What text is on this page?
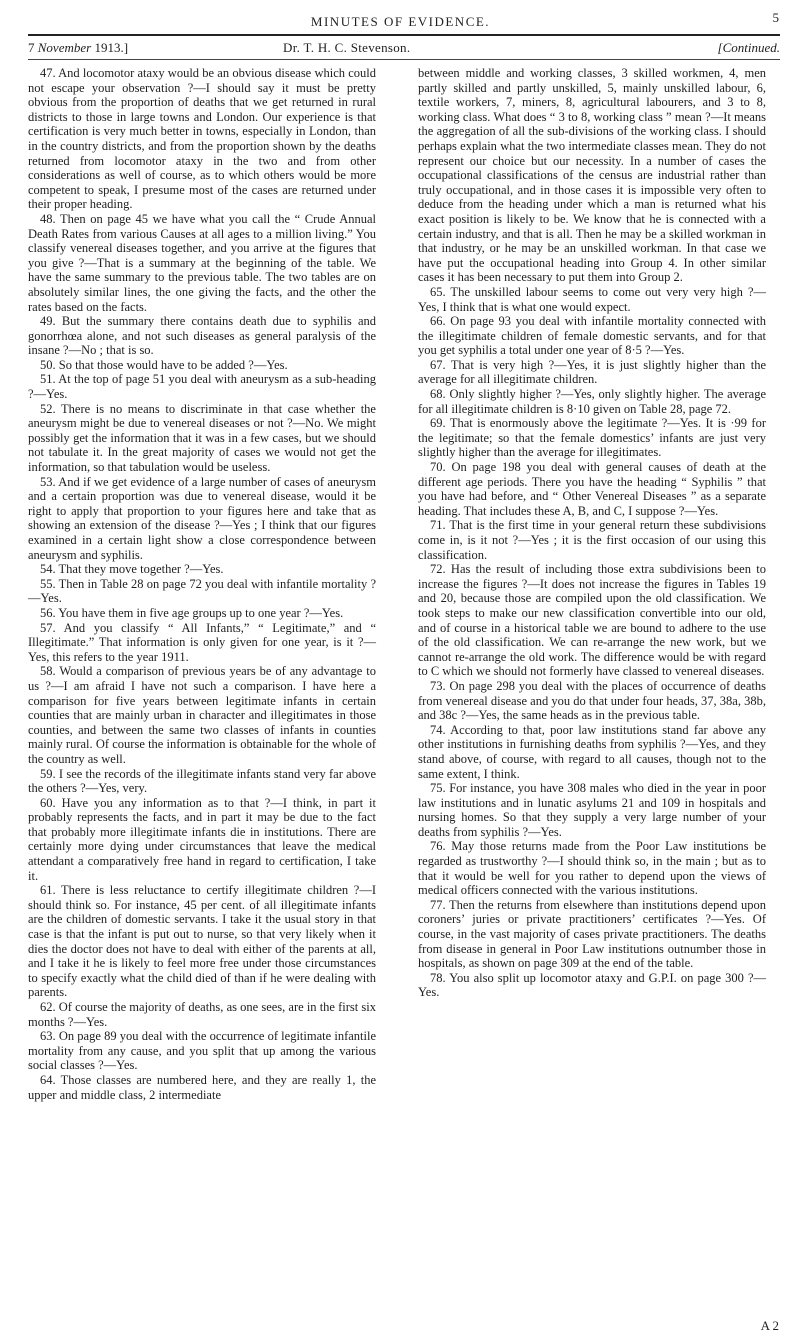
MINUTES OF EVIDENCE.	5
7 November 1913.]	Dr. T. H. C. Stevenson.	[Continued.

47. And locomotor ataxy would be an obvious disease which could not escape your observation ?—I should say it must be pretty obvious from the proportion of deaths that we get returned in rural districts to those in large towns and London. Our experience is that certification is very much better in towns, especially in London, than in the country districts, and from the proportion shown by the deaths returned from locomotor ataxy in the two and from other considerations as well of course, as to which others would be more competent to speak, I presume most of the cases are returned under their proper heading.

48. Then on page 45 we have what you call the “ Crude Annual Death Rates from various Causes at all ages to a million living.” You classify venereal diseases together, and you arrive at the figures that you give ?—That is a summary at the beginning of the table. We have the same summary to the previous table. The two tables are on absolutely similar lines, the one giving the facts, and the other the rates based on the facts.

49. But the summary there contains death due to syphilis and gonorrhœa alone, and not such diseases as general paralysis of the insane ?—No ; that is so.

50. So that those would have to be added ?—Yes.

51. At the top of page 51 you deal with aneurysm as a sub-heading ?—Yes.

52. There is no means to discriminate in that case whether the aneurysm might be due to venereal diseases or not ?—No. We might possibly get the information that it was in a few cases, but we should not tabulate it. In the great majority of cases we would not get the information, so that tabulation would be useless.

53. And if we get evidence of a large number of cases of aneurysm and a certain proportion was due to venereal disease, would it be right to apply that proportion to your figures here and take that as showing an extension of the disease ?—Yes ; I think that our figures examined in a certain light show a close correspondence between aneurysm and syphilis.

54. That they move together ?—Yes.

55. Then in Table 28 on page 72 you deal with infantile mortality ?—Yes.

56. You have them in five age groups up to one year ?—Yes.

57. And you classify “ All Infants,” “ Legitimate,” and “ Illegitimate.” That information is only given for one year, is it ?—Yes, this refers to the year 1911.

58. Would a comparison of previous years be of any advantage to us ?—I am afraid I have not such a comparison. I have here a comparison for five years between legitimate infants in certain counties that are mainly urban in character and illegitimates in those counties, and between the same two classes of infants in counties mainly rural. Of course the information is obtainable for the whole of the country as well.

59. I see the records of the illegitimate infants stand very far above the others ?—Yes, very.

60. Have you any information as to that ?—I think, in part it probably represents the facts, and in part it may be due to the fact that probably more illegitimate infants die in institutions. There are certainly more dying under circumstances that leave the medical attendant a comparatively free hand in regard to certification, I take it.

61. There is less reluctance to certify illegitimate children ?—I should think so. For instance, 45 per cent. of all illegitimate infants are the children of domestic servants. I take it the usual story in that case is that the infant is put out to nurse, so that very likely when it dies the doctor does not have to deal with either of the parents at all, and I take it he is likely to feel more free under those circumstances to specify exactly what the child died of than if he were dealing with parents.

62. Of course the majority of deaths, as one sees, are in the first six months ?—Yes.

63. On page 89 you deal with the occurrence of legitimate infantile mortality from any cause, and you split that up among the various social classes ?—Yes.

64. Those classes are numbered here, and they are really 1, the upper and middle class, 2 intermediate

between middle and working classes, 3 skilled workmen, 4, men partly skilled and partly unskilled, 5, mainly unskilled labour, 6, textile workers, 7, miners, 8, agricultural labourers, and 3 to 8, working class. What does “ 3 to 8, working class ” mean ?—It means the aggregation of all the sub-divisions of the working class. I should perhaps explain what the two intermediate classes mean. They do not represent our choice but our necessity. In a number of cases the occupational classifications of the census are industrial rather than truly occupational, and in those cases it is impossible very often to deduce from the heading under which a man is returned what his exact position is likely to be. We know that he is connected with a certain industry, and that is all. Then he may be a skilled workman in that industry, or he may be an unskilled workman. In that case we have put the occupational heading into Group 4. In other similar cases it has been necessary to put them into Group 2.

65. The unskilled labour seems to come out very very high ?—Yes, I think that is what one would expect.

66. On page 93 you deal with infantile mortality connected with the illegitimate children of female domestic servants, and for that you get syphilis a total under one year of 8·5 ?—Yes.

67. That is very high ?—Yes, it is just slightly higher than the average for all illegitimate children.

68. Only slightly higher ?—Yes, only slightly higher. The average for all illegitimate children is 8·10 given on Table 28, page 72.

69. That is enormously above the legitimate ?—Yes. It is ·99 for the legitimate; so that the female domestics’ infants are just very slightly higher than the average for illegitimates.

70. On page 198 you deal with general causes of death at the different age periods. There you have the heading “ Syphilis ” that you have had before, and “ Other Venereal Diseases ” as a separate heading. That includes these A, B, and C, I suppose ?—Yes.

71. That is the first time in your general return these subdivisions come in, is it not ?—Yes ; it is the first occasion of our using this classification.

72. Has the result of including those extra subdivisions been to increase the figures ?—It does not increase the figures in Tables 19 and 20, because those are compiled upon the old classification. We took steps to make our new classification convertible into our old, and of course in a historical table we are bound to adhere to the use of the old classification. We can re-arrange the new work, but we cannot re-arrange the old work. The difference would be with regard to C which we should not formerly have classed to venereal diseases.

73. On page 298 you deal with the places of occurrence of deaths from venereal disease and you do that under four heads, 37, 38a, 38b, and 38c ?—Yes, the same heads as in the previous table.

74. According to that, poor law institutions stand far above any other institutions in furnishing deaths from syphilis ?—Yes, and they stand above, of course, with regard to all causes, though not to the same extent, I think.

75. For instance, you have 308 males who died in the year in poor law institutions and in lunatic asylums 21 and 109 in hospitals and nursing homes. So that they supply a very large number of your deaths from syphilis ?—Yes.

76. May those returns made from the Poor Law institutions be regarded as trustworthy ?—I should think so, in the main ; but as to that it would be well for you rather to depend upon the views of medical officers connected with the various institutions.

77. Then the returns from elsewhere than institutions depend upon coroners’ juries or private practitioners’ certificates ?—Yes. Of course, in the vast majority of cases private practitioners. The deaths from disease in general in Poor Law institutions outnumber those in hospitals, as shown on page 309 at the end of the table.

78. You also split up locomotor ataxy and G.P.I. on page 300 ?—Yes.

A 2
